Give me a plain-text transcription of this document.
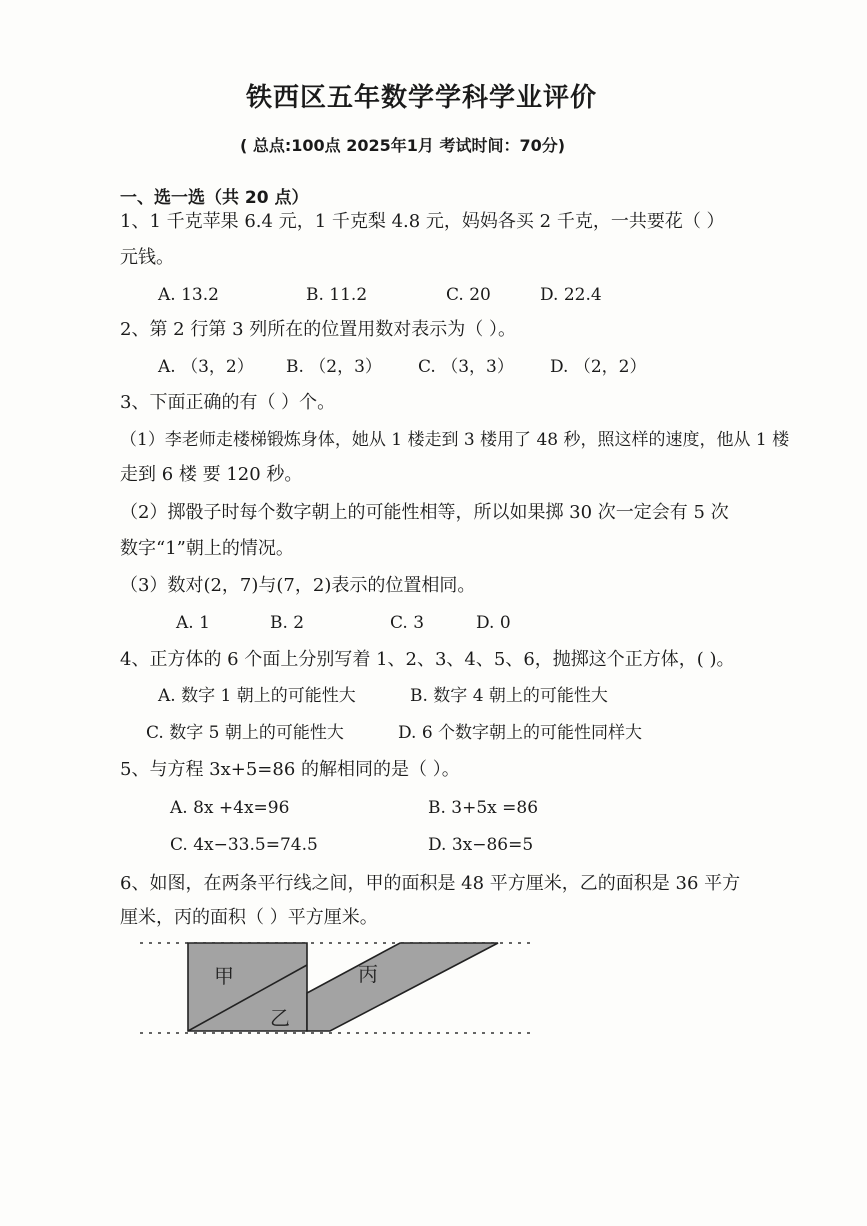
铁西区五年数学学科学业评价
( 总点:100点 2025年1月 考试时间：70分)
一、选一选（共 20 点）
1、1 千克苹果 6.4 元，1 千克梨 4.8 元，妈妈各买 2 千克，一共要花（ ）
元钱。
A. 13.2	B. 11.2	C. 20	D. 22.4
2、第 2 行第 3 列所在的位置用数对表示为（ ）。
A. （3，2） B. （2，3） C. （3，3） D. （2，2）
3、下面正确的有（ ）个。
（1）李老师走楼梯锻炼身体，她从 1 楼走到 3 楼用了 48 秒，照这样的速度，他从 1 楼
走到 6 楼 要 120 秒。
（2）掷骰子时每个数字朝上的可能性相等，所以如果掷 30 次一定会有 5 次
数字“1”朝上的情况。
（3）数对(2，7)与(7，2)表示的位置相同。
A. 1	B. 2	C. 3	D. 0
4、正方体的 6 个面上分别写着 1、2、3、4、5、6，抛掷这个正方体，( )。
A. 数字 1 朝上的可能性大	B. 数字 4 朝上的可能性大
C. 数字 5 朝上的可能性大	D. 6 个数字朝上的可能性同样大
5、与方程 3x+5=86 的解相同的是（ ）。
A. 8x +4x=96	B. 3+5x =86
C. 4x−33.5=74.5	D. 3x−86=5
6、如图，在两条平行线之间，甲的面积是 48 平方厘米，乙的面积是 36 平方
厘米，丙的面积（ ）平方厘米。
甲
乙
丙
